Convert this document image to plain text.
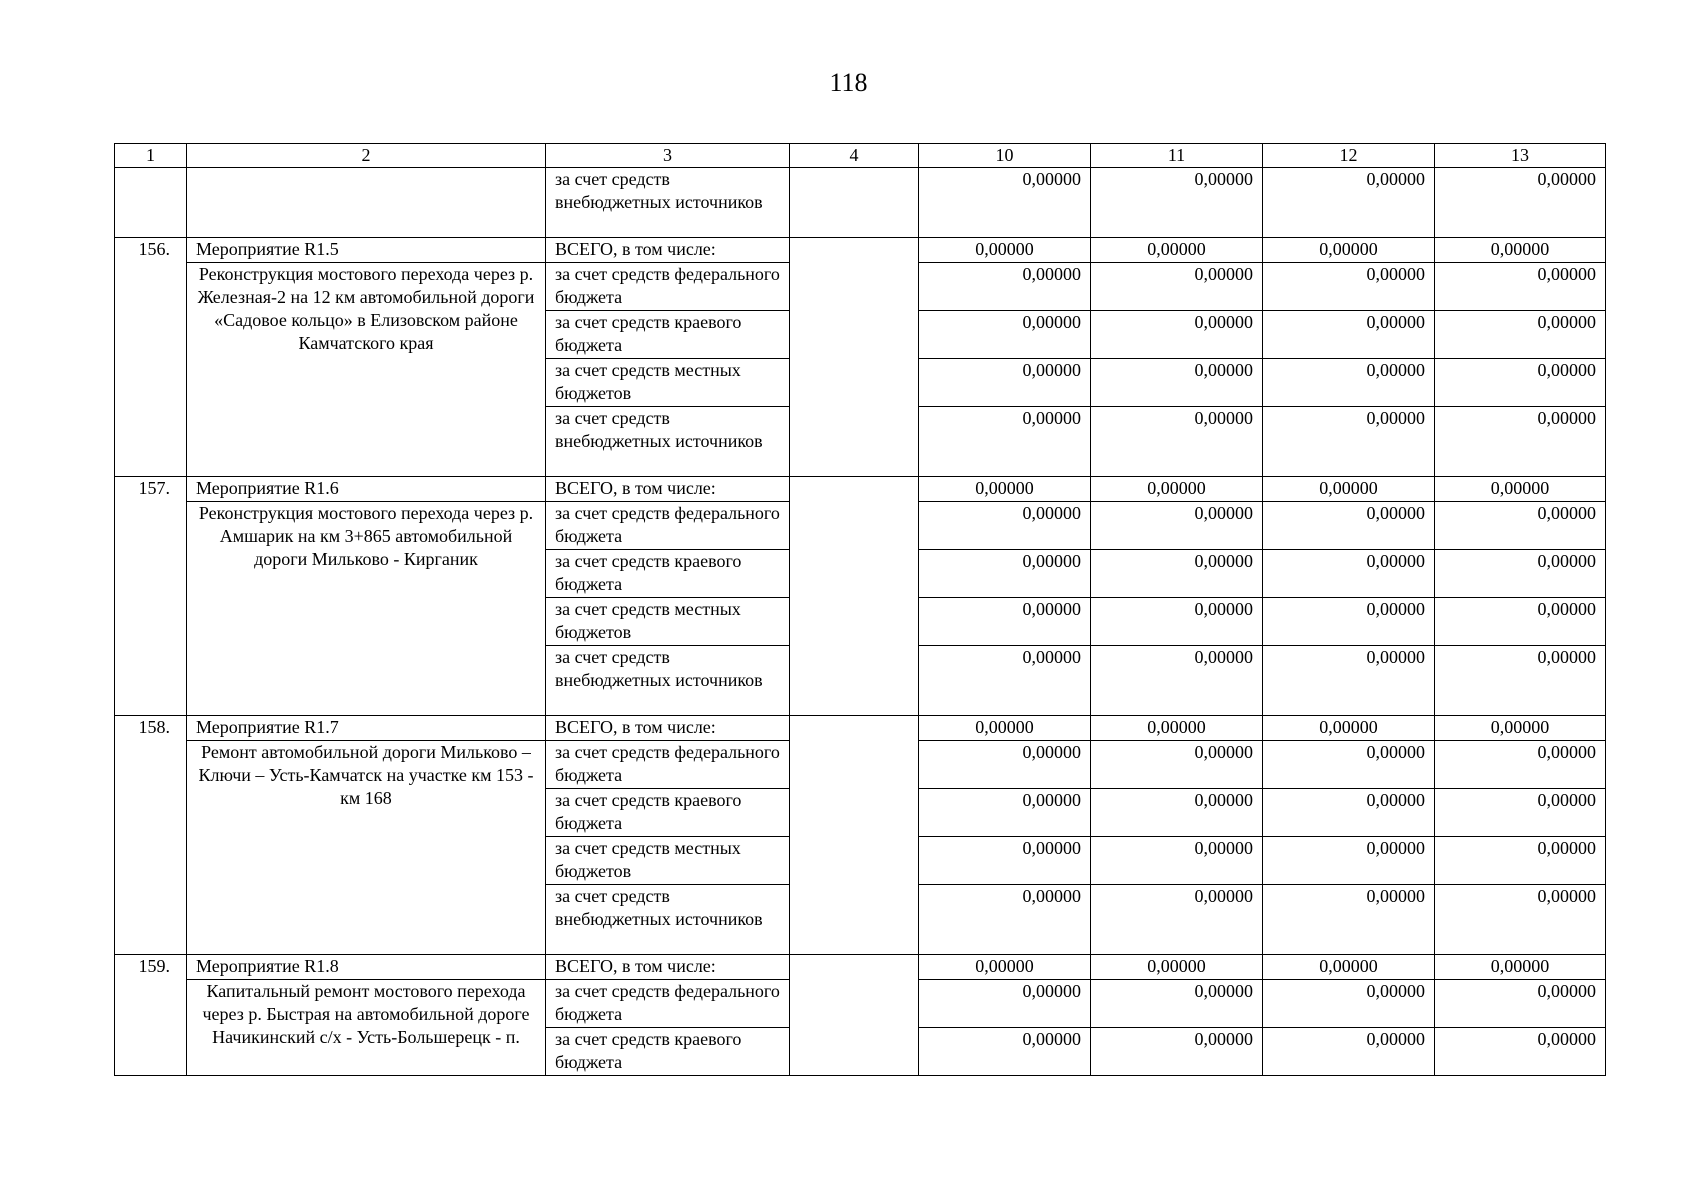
118
1	2	3	4	10	11	12	13
		за счет средств внебюджетных источников		0,00000	0,00000	0,00000	0,00000
156.	Мероприятие R1.5	ВСЕГО, в том числе:		0,00000	0,00000	0,00000	0,00000
	Реконструкция мостового перехода через р. Железная-2 на 12 км автомобильной дороги «Садовое кольцо» в Елизовском районе Камчатского края	за счет средств федерального бюджета		0,00000	0,00000	0,00000	0,00000
		за счет средств краевого бюджета		0,00000	0,00000	0,00000	0,00000
		за счет средств местных бюджетов		0,00000	0,00000	0,00000	0,00000
		за счет средств внебюджетных источников		0,00000	0,00000	0,00000	0,00000
157.	Мероприятие R1.6	ВСЕГО, в том числе:		0,00000	0,00000	0,00000	0,00000
	Реконструкция мостового перехода через р. Амшарик на км 3+865 автомобильной дороги Мильково - Кирганик	за счет средств федерального бюджета		0,00000	0,00000	0,00000	0,00000
		за счет средств краевого бюджета		0,00000	0,00000	0,00000	0,00000
		за счет средств местных бюджетов		0,00000	0,00000	0,00000	0,00000
		за счет средств внебюджетных источников		0,00000	0,00000	0,00000	0,00000
158.	Мероприятие R1.7	ВСЕГО, в том числе:		0,00000	0,00000	0,00000	0,00000
	Ремонт автомобильной дороги Мильково – Ключи – Усть-Камчатск на участке км 153 - км 168	за счет средств федерального бюджета		0,00000	0,00000	0,00000	0,00000
		за счет средств краевого бюджета		0,00000	0,00000	0,00000	0,00000
		за счет средств местных бюджетов		0,00000	0,00000	0,00000	0,00000
		за счет средств внебюджетных источников		0,00000	0,00000	0,00000	0,00000
159.	Мероприятие R1.8	ВСЕГО, в том числе:		0,00000	0,00000	0,00000	0,00000
	Капитальный ремонт мостового перехода через р. Быстрая на автомобильной дороге Начикинский с/х - Усть-Большерецк - п.	за счет средств федерального бюджета		0,00000	0,00000	0,00000	0,00000
		за счет средств краевого бюджета		0,00000	0,00000	0,00000	0,00000
